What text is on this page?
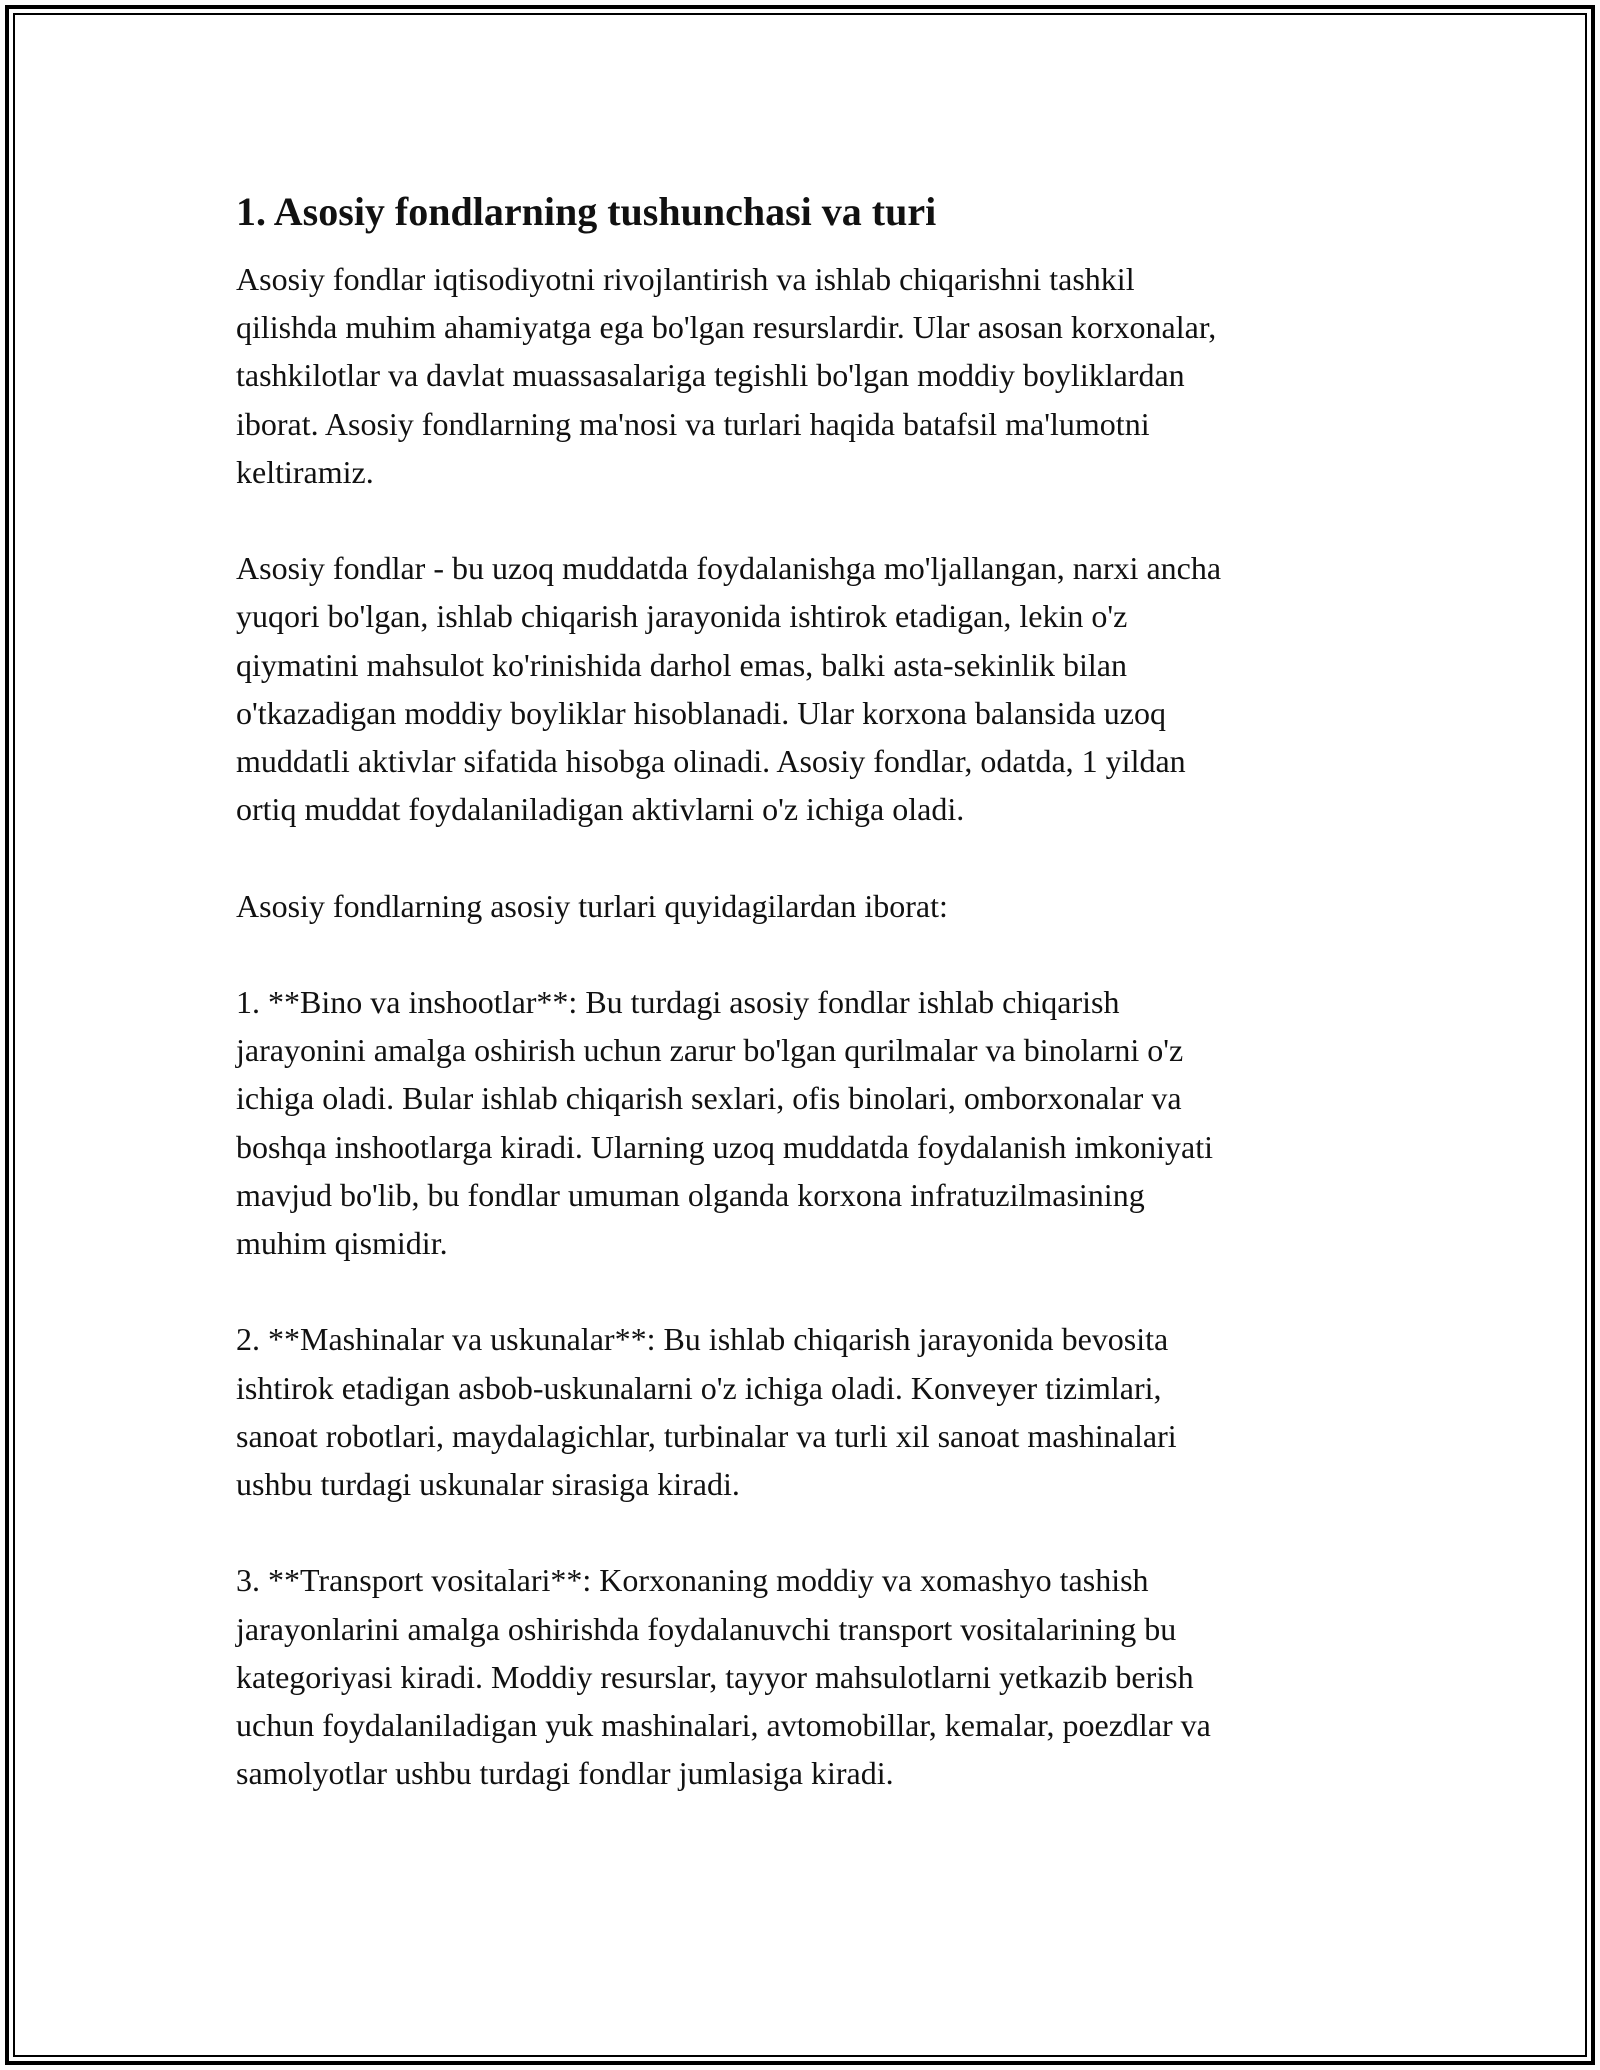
1. Asosiy fondlarning tushunchasi va turi

Asosiy fondlar iqtisodiyotni rivojlantirish va ishlab chiqarishni tashkil
qilishda muhim ahamiyatga ega bo'lgan resurslardir. Ular asosan korxonalar,
tashkilotlar va davlat muassasalariga tegishli bo'lgan moddiy boyliklardan
iborat. Asosiy fondlarning ma'nosi va turlari haqida batafsil ma'lumotni
keltiramiz.

Asosiy fondlar - bu uzoq muddatda foydalanishga mo'ljallangan, narxi ancha
yuqori bo'lgan, ishlab chiqarish jarayonida ishtirok etadigan, lekin o'z
qiymatini mahsulot ko'rinishida darhol emas, balki asta-sekinlik bilan
o'tkazadigan moddiy boyliklar hisoblanadi. Ular korxona balansida uzoq
muddatli aktivlar sifatida hisobga olinadi. Asosiy fondlar, odatda, 1 yildan
ortiq muddat foydalaniladigan aktivlarni o'z ichiga oladi.

Asosiy fondlarning asosiy turlari quyidagilardan iborat:

1. **Bino va inshootlar**: Bu turdagi asosiy fondlar ishlab chiqarish
jarayonini amalga oshirish uchun zarur bo'lgan qurilmalar va binolarni o'z
ichiga oladi. Bular ishlab chiqarish sexlari, ofis binolari, omborxonalar va
boshqa inshootlarga kiradi. Ularning uzoq muddatda foydalanish imkoniyati
mavjud bo'lib, bu fondlar umuman olganda korxona infratuzilmasining
muhim qismidir.

2. **Mashinalar va uskunalar**: Bu ishlab chiqarish jarayonida bevosita
ishtirok etadigan asbob-uskunalarni o'z ichiga oladi. Konveyer tizimlari,
sanoat robotlari, maydalagichlar, turbinalar va turli xil sanoat mashinalari
ushbu turdagi uskunalar sirasiga kiradi.

3. **Transport vositalari**: Korxonaning moddiy va xomashyo tashish
jarayonlarini amalga oshirishda foydalanuvchi transport vositalarining bu
kategoriyasi kiradi. Moddiy resurslar, tayyor mahsulotlarni yetkazib berish
uchun foydalaniladigan yuk mashinalari, avtomobillar, kemalar, poezdlar va
samolyotlar ushbu turdagi fondlar jumlasiga kiradi.
